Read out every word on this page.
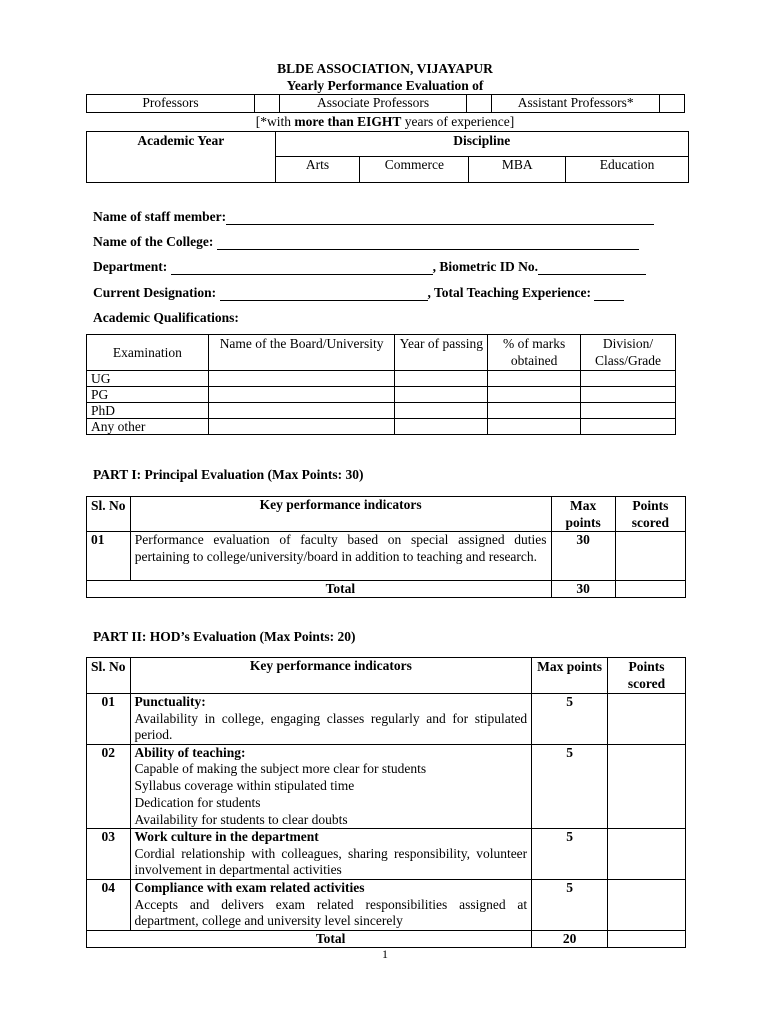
BLDE ASSOCIATION, VIJAYAPUR
Yearly Performance Evaluation of
Professors		Associate Professors		Assistant Professors*	
[*with more than EIGHT years of experience]
Academic Year	Discipline			
	Arts	Commerce	MBA	Education
Name of staff member:
Name of the College:
Department:	, Biometric ID No.
Current Designation:	, Total Teaching Experience:
Academic Qualifications:
Examination	Name of the Board/University	Year of passing	% of marks obtained	Division/ Class/Grade
UG				
PG				
PhD				
Any other				
PART I: Principal Evaluation (Max Points: 30)
Sl. No	Key performance indicators	Max points	Points scored
01	Performance evaluation of faculty based on special assigned duties pertaining to college/university/board in addition to teaching and research.	30	
	Total	30	
PART II: HOD’s Evaluation (Max Points: 20)
Sl. No	Key performance indicators	Max points	Points scored
01	Punctuality:
Availability in college, engaging classes regularly and for stipulated period.	5	
02	Ability of teaching:
Capable of making the subject more clear for students
Syllabus coverage within stipulated time
Dedication for students
Availability for students to clear doubts	5	
03	Work culture in the department
Cordial relationship with colleagues, sharing responsibility, volunteer involvement in departmental activities	5	
04	Compliance with exam related activities
Accepts and delivers exam related responsibilities assigned at department, college and university level sincerely	5	
	Total	20	
1
